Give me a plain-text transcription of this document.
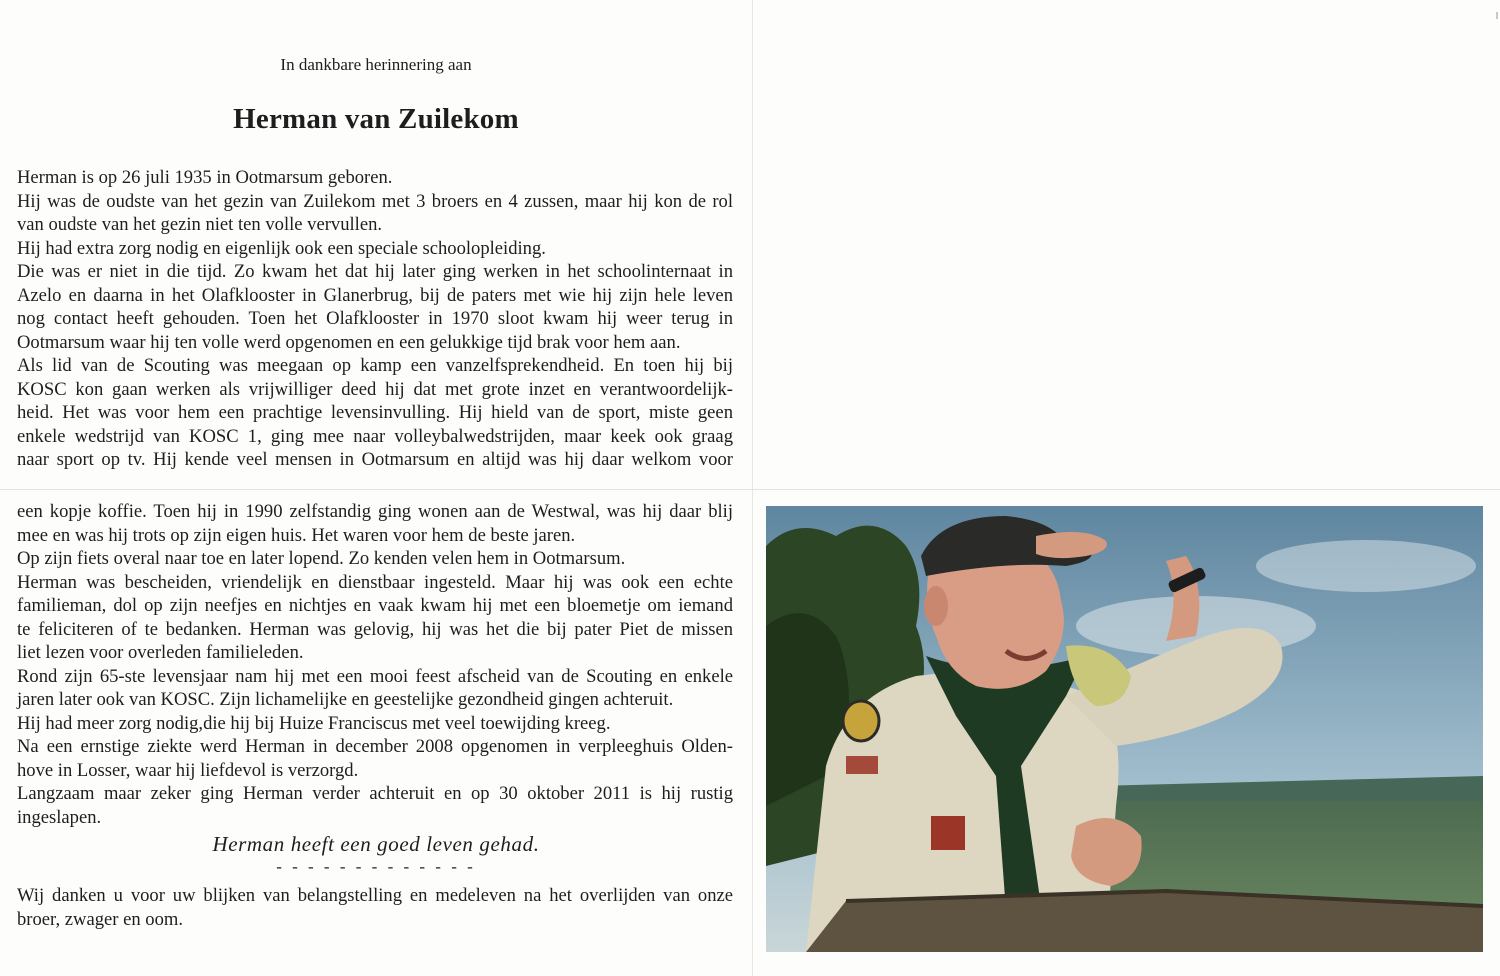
In dankbare herinnering aan
Herman van Zuilekom
Herman is op 26 juli 1935 in Ootmarsum geboren.
Hij was de oudste van het gezin van Zuilekom met 3 broers en 4 zussen, maar hij kon de rol
van oudste van het gezin niet ten volle vervullen.
Hij had extra zorg nodig en eigenlijk ook een speciale schoolopleiding.
Die was er niet in die tijd. Zo kwam het dat hij later ging werken in het schoolinternaat in
Azelo en daarna in het Olafklooster in Glanerbrug, bij de paters met wie hij zijn hele leven
nog contact heeft gehouden. Toen het Olafklooster in 1970 sloot kwam hij weer terug in
Ootmarsum waar hij ten volle werd opgenomen en een gelukkige tijd brak voor hem aan.
Als lid van de Scouting was meegaan op kamp een vanzelfsprekendheid. En toen hij bij
KOSC kon gaan werken als vrijwilliger deed hij dat met grote inzet en verantwoordelijk-
heid. Het was voor hem een prachtige levensinvulling. Hij hield van de sport, miste geen
enkele wedstrijd van KOSC 1, ging mee naar volleybalwedstrijden, maar keek ook graag
naar sport op tv. Hij kende veel mensen in Ootmarsum en altijd was hij daar welkom voor
een kopje koffie. Toen hij in 1990 zelfstandig ging wonen aan de Westwal, was hij daar blij
mee en was hij trots op zijn eigen huis. Het waren voor hem de beste jaren.
Op zijn fiets overal naar toe en later lopend. Zo kenden velen hem in Ootmarsum.
Herman was bescheiden, vriendelijk en dienstbaar ingesteld. Maar hij was ook een echte
familieman, dol op zijn neefjes en nichtjes en vaak kwam hij met een bloemetje om iemand
te feliciteren of te bedanken. Herman was gelovig, hij was het die bij pater Piet de missen
liet lezen voor overleden familieleden.
Rond zijn 65-ste levensjaar nam hij met een mooi feest afscheid van de Scouting en enkele
jaren later ook van KOSC. Zijn lichamelijke en geestelijke gezondheid gingen achteruit.
Hij had meer zorg nodig,die hij bij Huize Franciscus met veel toewijding kreeg.
Na een ernstige ziekte werd Herman in december 2008 opgenomen in verpleeghuis Olden-
hove in Losser, waar hij liefdevol is verzorgd.
Langzaam maar zeker ging Herman verder achteruit en op 30 oktober 2011 is hij rustig
ingeslapen.
Herman heeft een goed leven gehad.
- - - - - - - - - - - - -
Wij danken u voor uw blijken van belangstelling en medeleven na het overlijden van onze
broer, zwager en oom.
